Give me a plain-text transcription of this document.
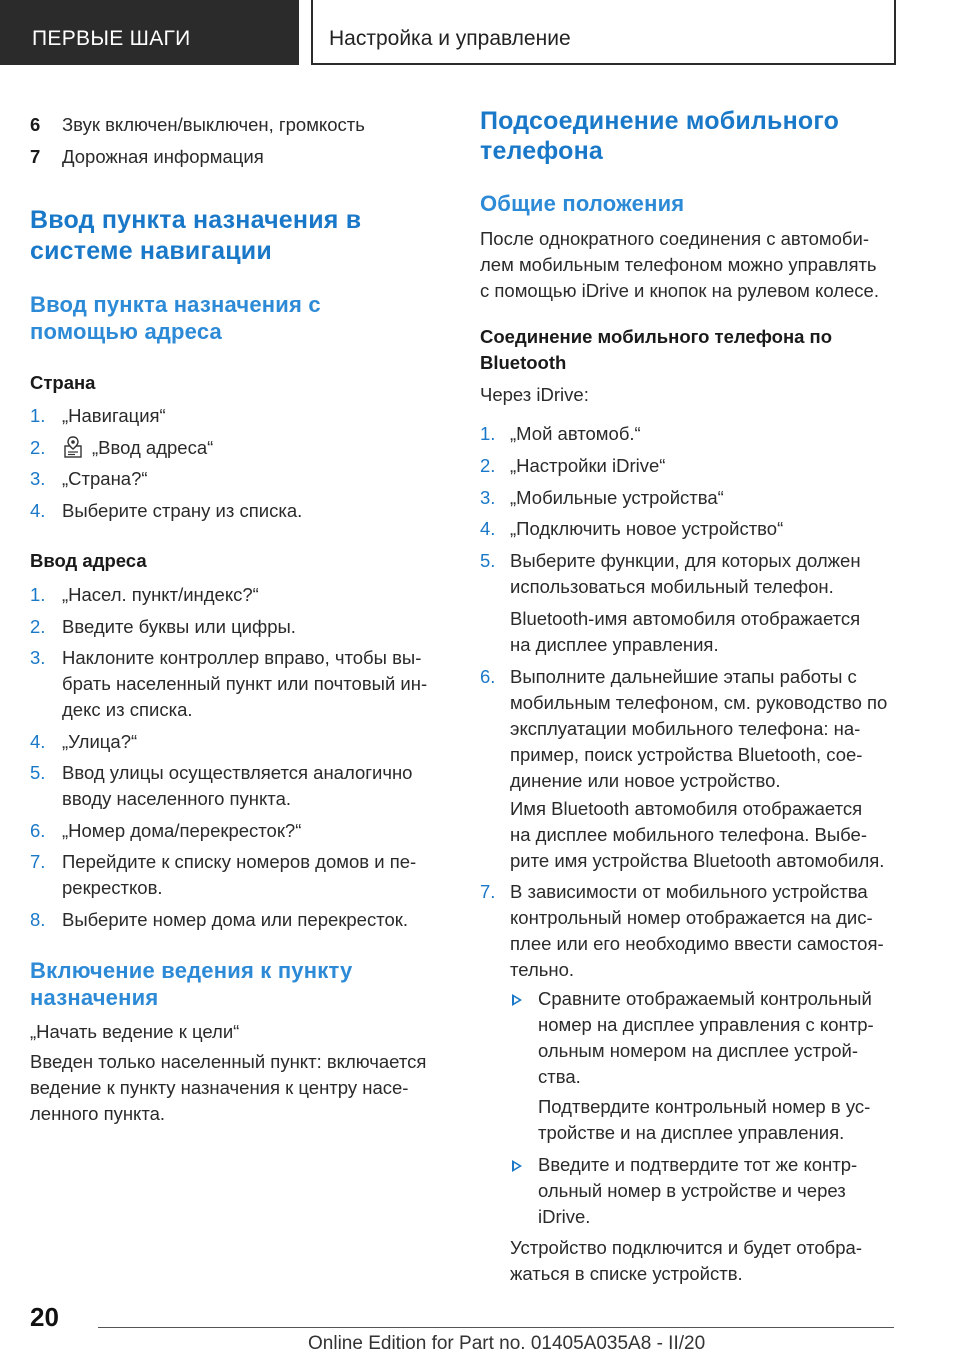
ПЕРВЫЕ ШАГИ	Настройка и управление
6 Звук включен/выключен, громкость
7 Дорожная информация
Ввод пункта назначения в
системе навигации
Ввод пункта назначения с
помощью адреса
Страна
1. „Навигация“
2.	„Ввод адреса“
3. „Страна?“
4. Выберите страну из списка.
Ввод адреса
1. „Насел. пункт/индекс?“
2. Введите буквы или цифры.
3. Наклоните контроллер вправо, чтобы вы-
брать населенный пункт или почтовый ин-
декс из списка.
4. „Улица?“
5. Ввод улицы осуществляется аналогично
вводу населенного пункта.
6. „Номер дома/перекресток?“
7. Перейдите к списку номеров домов и пе-
рекрестков.
8. Выберите номер дома или перекресток.
Включение ведения к пункту
назначения
„Начать ведение к цели“
Введен только населенный пункт: включается
ведение к пункту назначения к центру насе-
ленного пункта.
Подсоединение мобильного
телефона
Общие положения
После однократного соединения с автомоби-
лем мобильным телефоном можно управлять
с помощью iDrive и кнопок на рулевом колесе.
Соединение мобильного телефона по
Bluetooth
Через iDrive:
1. „Мой автомоб.“
2. „Настройки iDrive“
3. „Мобильные устройства“
4. „Подключить новое устройство“
5. Выберите функции, для которых должен
использоваться мобильный телефон.
Bluetooth-имя автомобиля отображается
на дисплее управления.
6. Выполните дальнейшие этапы работы с
мобильным телефоном, см. руководство по
эксплуатации мобильного телефона: на-
пример, поиск устройства Bluetooth, сое-
динение или новое устройство.
Имя Bluetooth автомобиля отображается
на дисплее мобильного телефона. Выбе-
рите имя устройства Bluetooth автомобиля.
7. В зависимости от мобильного устройства
контрольный номер отображается на дис-
плее или его необходимо ввести самостоя-
тельно.
Сравните отображаемый контрольный
номер на дисплее управления с контр-
ольным номером на дисплее устрой-
ства.
Подтвердите контрольный номер в ус-
тройстве и на дисплее управления.
Введите и подтвердите тот же контр-
ольный номер в устройстве и через
iDrive.
Устройство подключится и будет отобра-
жаться в списке устройств.
20
Online Edition for Part no. 01405A035A8 - II/20
